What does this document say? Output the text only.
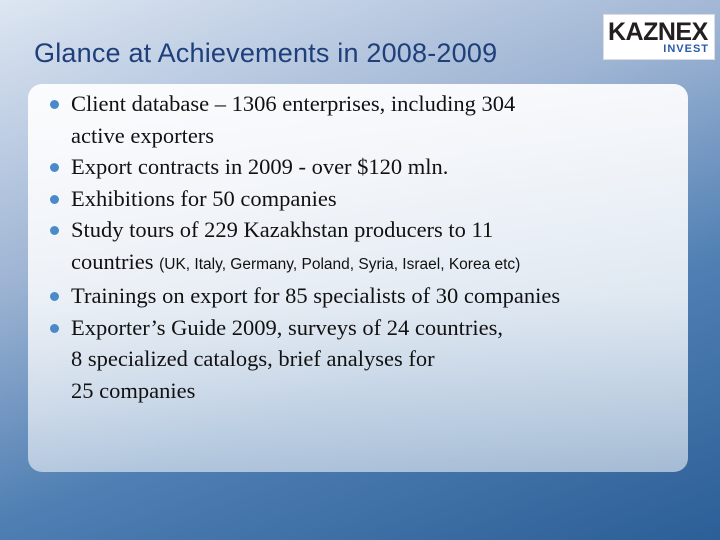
Glance at Achievements in 2008-2009
KAZNEX
INVEST
Client database – 1306 enterprises, including 304
active exporters
Export contracts in 2009 - over $120 mln.
Exhibitions for 50 companies
Study tours of 229 Kazakhstan producers to 11
countries (UK, Italy, Germany, Poland, Syria, Israel, Korea etc)
Trainings on export for 85 specialists of 30 companies
Exporter’s Guide 2009, surveys of 24 countries,
8 specialized catalogs, brief analyses for
25 companies
